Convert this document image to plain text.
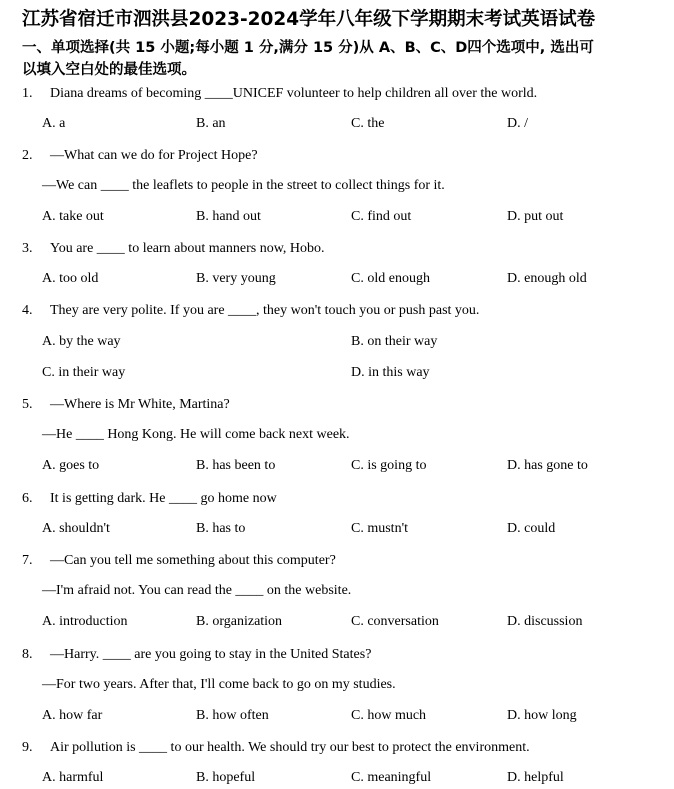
江苏省宿迁市泗洪县2023-2024学年八年级下学期期末考试英语试卷
一、单项选择(共 15 小题;每小题 1 分,满分 15 分)从 A、B、C、D四个选项中, 选出可
以填入空白处的最佳选项。
1. Diana dreams of becoming ____UNICEF volunteer to help children all over the world.
A. a	B. an	C. the	D. /
2. —What can we do for Project Hope?
—We can ____ the leaflets to people in the street to collect things for it.
A. take out	B. hand out	C. find out	D. put out
3. You are ____ to learn about manners now, Hobo.
A. too old	B. very young	C. old enough	D. enough old
4. They are very polite. If you are ____, they won't touch you or push past you.
A. by the way	B. on their way
C. in their way	D. in this way
5. —Where is Mr White, Martina?
—He ____ Hong Kong. He will come back next week.
A. goes to	B. has been to	C. is going to	D. has gone to
6. It is getting dark. He ____ go home now
A. shouldn't	B. has to	C. mustn't	D. could
7. —Can you tell me something about this computer?
—I'm afraid not. You can read the ____ on the website.
A. introduction	B. organization	C. conversation	D. discussion
8. —Harry. ____ are you going to stay in the United States?
—For two years. After that, I'll come back to go on my studies.
A. how far	B. how often	C. how much	D. how long
9. Air pollution is ____ to our health. We should try our best to protect the environment.
A. harmful	B. hopeful	C. meaningful	D. helpful
